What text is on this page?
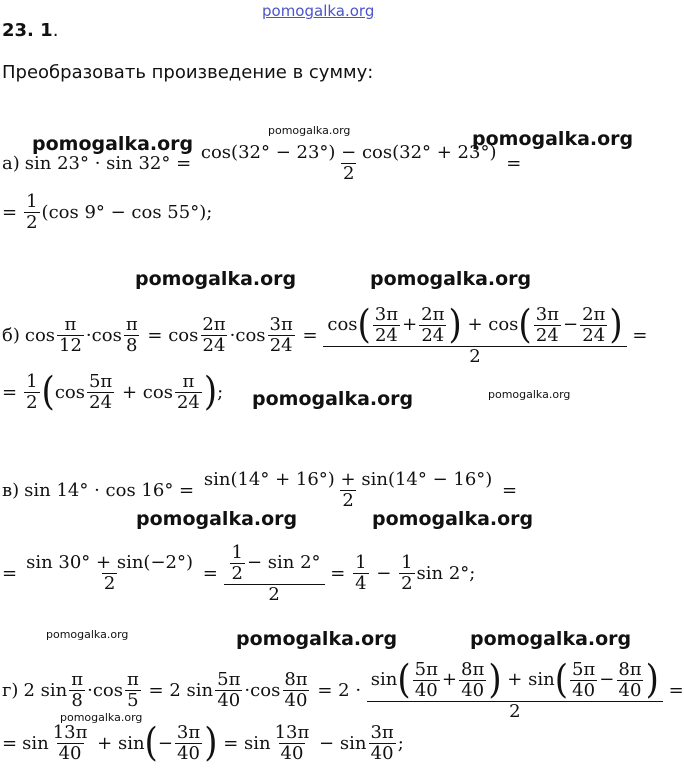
pomogalka.org
23. 1.
Преобразовать произведение в сумму:
pomogalka.org
pomogalka.org	pomogalka.org
pomogalka.org	pomogalka.org
pomogalka.org	pomogalka.org
pomogalka.org	pomogalka.org
pomogalka.org	pomogalka.org	pomogalka.org
pomogalka.org
а) $\sin 23^\circ \cdot \sin 32^\circ = \frac{\cos(32^\circ - 23^\circ) - \cos(32^\circ + 23^\circ)}{2}$ =
= $\frac{1}{2} (\cos$ 9° − cos 55°);
б) $\cos \frac{\pi}{12} \cdot \cos \frac{\pi}{8} = \cos \frac{2\pi}{24} \cdot \cos \frac{3\pi}{24}$ =
cos ( $\frac{3\pi}{24} + \frac{2\pi}{24}$ ) + cos ( $\frac{3\pi}{24} - \frac{2\pi}{24}$ )
2
=
= $\frac{1}{2}$ ( $\cos \frac{5\pi}{24} + \cos \frac{\pi}{24}$ ) ;
в) $\sin 14^\circ \cdot \cos 16^\circ = \frac{\sin(14^\circ + 16^\circ) + \sin(14^\circ - 16^\circ)}{2}$ =
= $\frac{\sin 30^\circ + \sin(-2^\circ)}{2} = \frac{\frac{1}{2} - \sin 2^\circ}{2} = \frac{1}{4} - \frac{1}{2}$ sin 2°;
г) 2
$\sin \frac{\pi}{8} \cdot \cos \frac{\pi}{5} = 2$
$\sin \frac{5\pi}{40} \cdot \cos \frac{8\pi}{40} = 2$ ·
sin ( $\frac{5\pi}{40} + \frac{8\pi}{40}$ ) + sin ( $\frac{5\pi}{40} - \frac{8\pi}{40}$ )
2
=
= $\sin \frac{13\pi}{40} + \sin$ ( − $\frac{3\pi}{40}$ ) = $\sin \frac{13\pi}{40} - \sin \frac{3\pi}{40}$ ;
